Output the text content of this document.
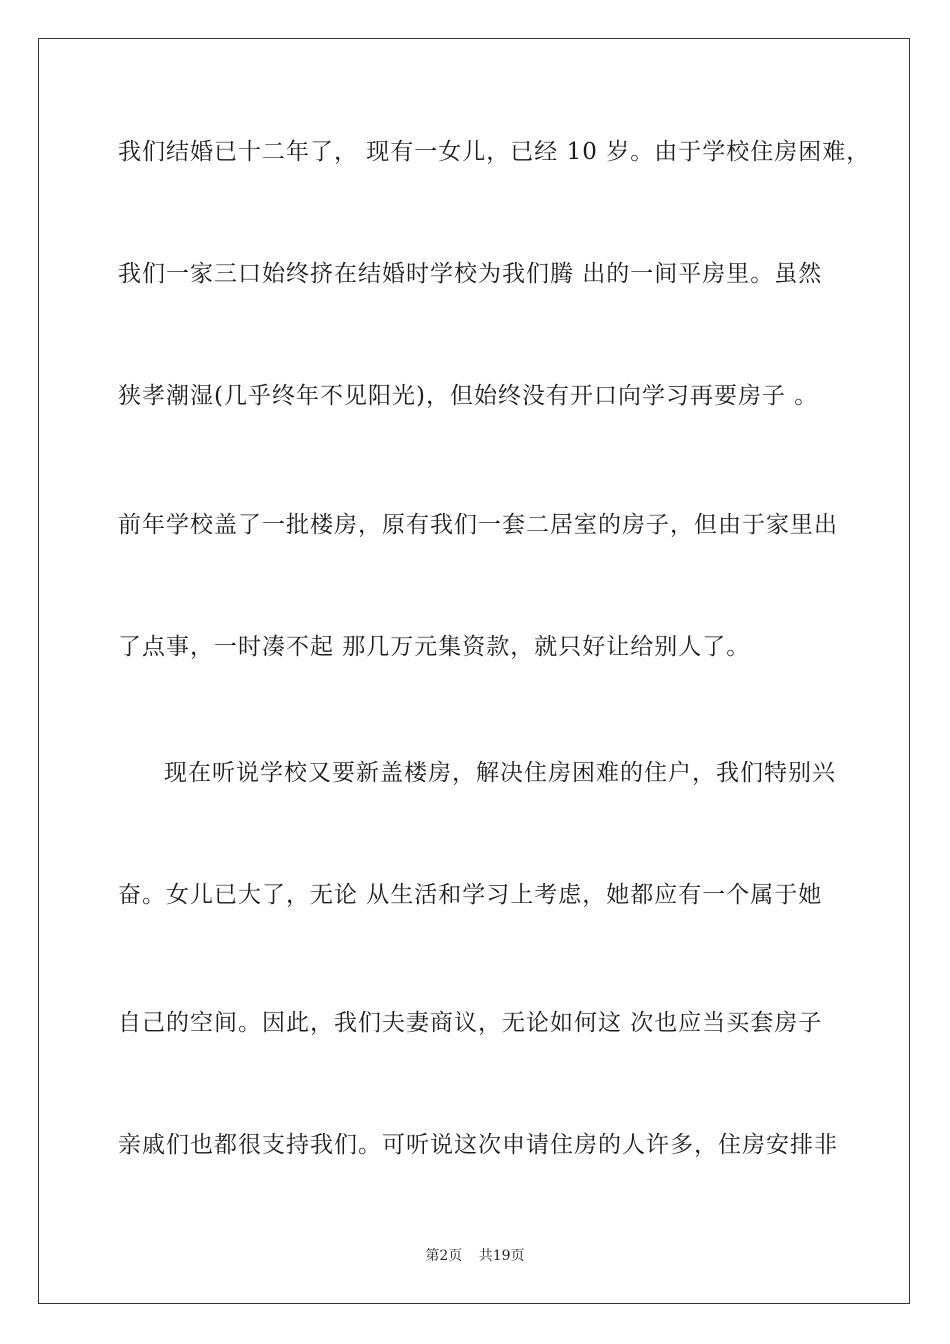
我们结婚已十二年了， 现有一女儿，已经 10 岁。由于学校住房困难，
我们一家三口始终挤在结婚时学校为我们腾 出的一间平房里。虽然
狭孝潮湿(几乎终年不见阳光)，但始终没有开口向学习再要房子 。
前年学校盖了一批楼房，原有我们一套二居室的房子，但由于家里出
了点事，一时凑不起 那几万元集资款，就只好让给别人了。
现在听说学校又要新盖楼房，解决住房困难的住户，我们特别兴
奋。女儿已大了，无论 从生活和学习上考虑，她都应有一个属于她
自己的空间。因此，我们夫妻商议，无论如何这 次也应当买套房子
亲戚们也都很支持我们。可听说这次申请住房的人许多，住房安排非
第2页 共19页
